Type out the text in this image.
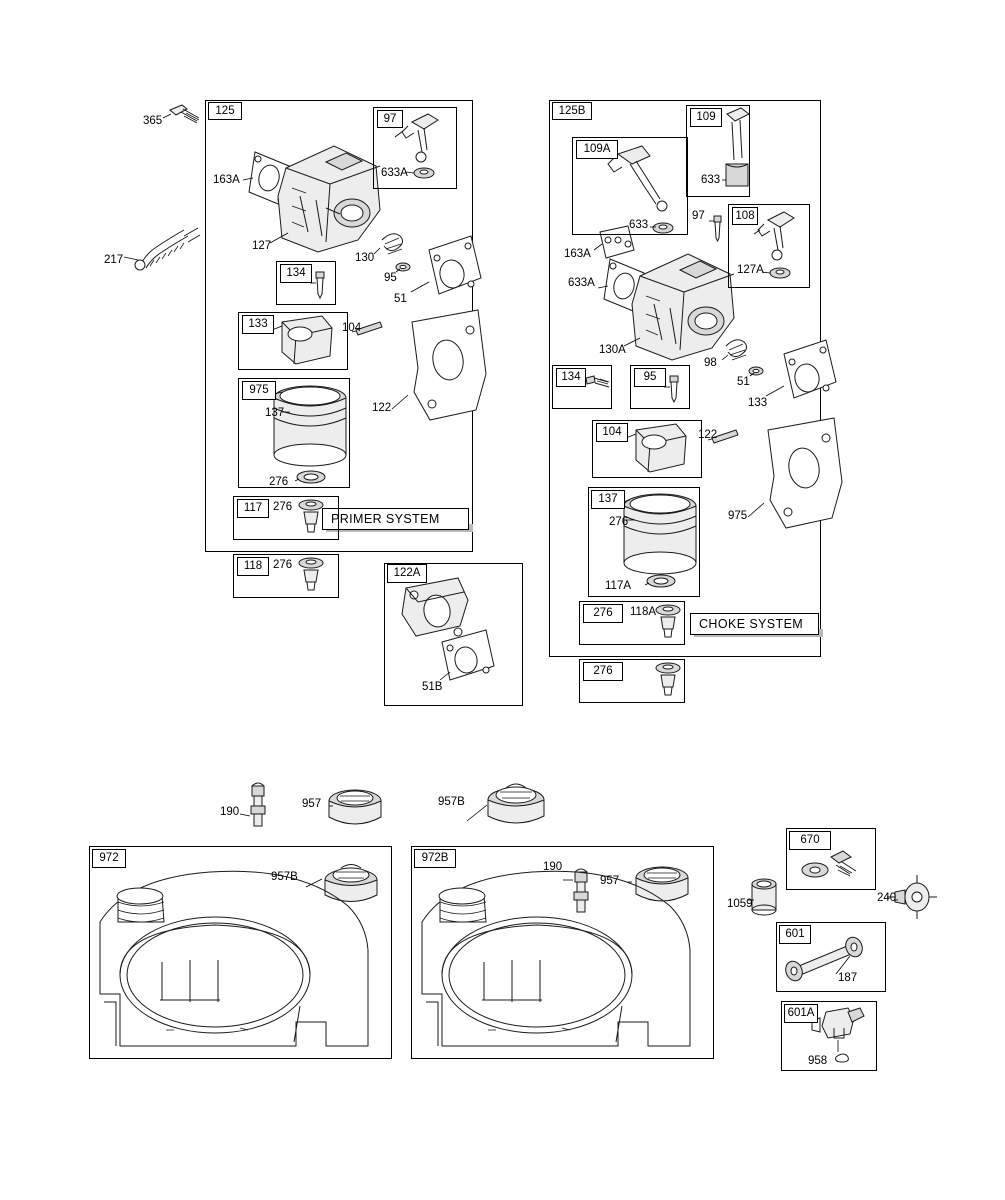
PRIMER SYSTEM
CHOKE SYSTEM
125
97
134
133
975
117
118
122A
125B
109A
109
108
134	95
104
137
276
276
972	972B
670
601
601A
365
163A
633A
217
127
130
95
51
104
137	122
276
276
276
51B
633
633
97
163A
633A
127A
130A
98
51
133
122
975
276
117A
118A
190
957	957B
957B
190
957
1059	240
187
958
